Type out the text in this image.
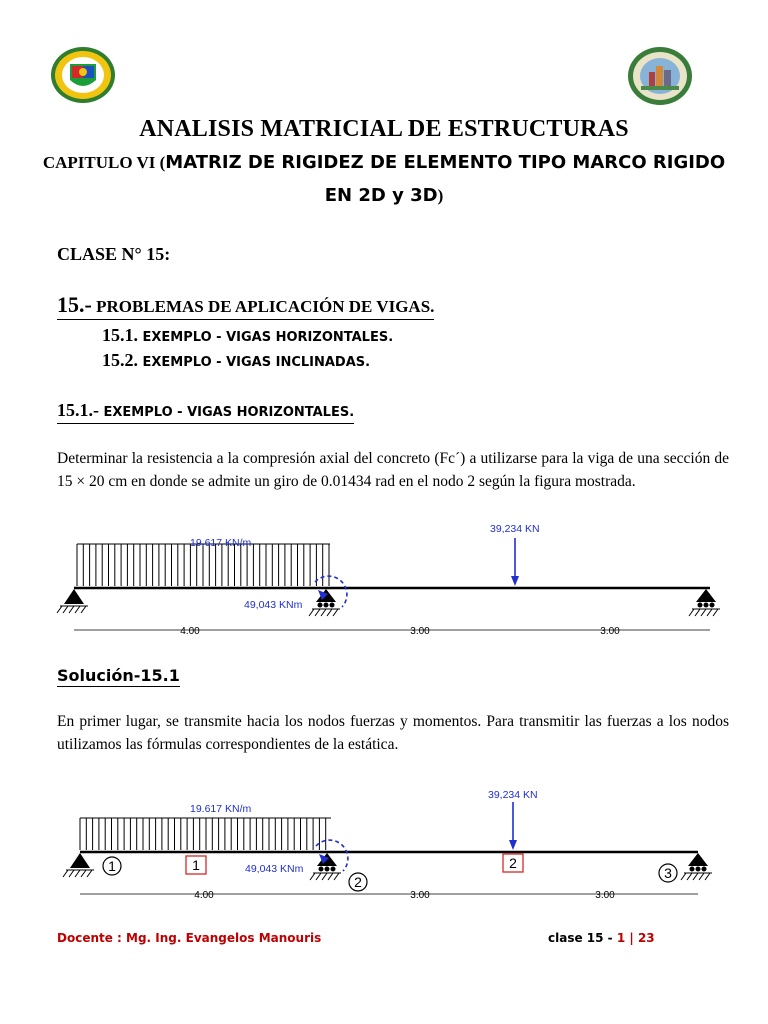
ANALISIS MATRICIAL DE ESTRUCTURAS
CAPITULO VI (MATRIZ DE RIGIDEZ DE ELEMENTO TIPO MARCO RIGIDO
EN 2D y 3D)
CLASE N° 15:
15.- PROBLEMAS DE APLICACIÓN DE VIGAS.
15.1. EXEMPLO - VIGAS HORIZONTALES.
15.2. EXEMPLO - VIGAS INCLINADAS.
15.1.- EXEMPLO - VIGAS HORIZONTALES.
Determinar la resistencia a la compresión axial del concreto (Fc´) a utilizarse para la viga de una sección de 15 × 20 cm en donde se admite un giro de 0.01434 rad en el nodo 2 según la figura mostrada.
19.617 KN/m
49,043 KNm
39,234 KN
4.00	3.00	3.00
Solución-15.1
En primer lugar, se transmite hacia los nodos fuerzas y momentos. Para transmitir las fuerzas a los nodos utilizamos las fórmulas correspondientes de la estática.
19.617 KN/m
49,043 KNm
39,234 KN
1
2
3
1	2
4.00	3.00	3.00
Docente : Mg. Ing. Evangelos Manouris	clase 15 - 1 | 23
